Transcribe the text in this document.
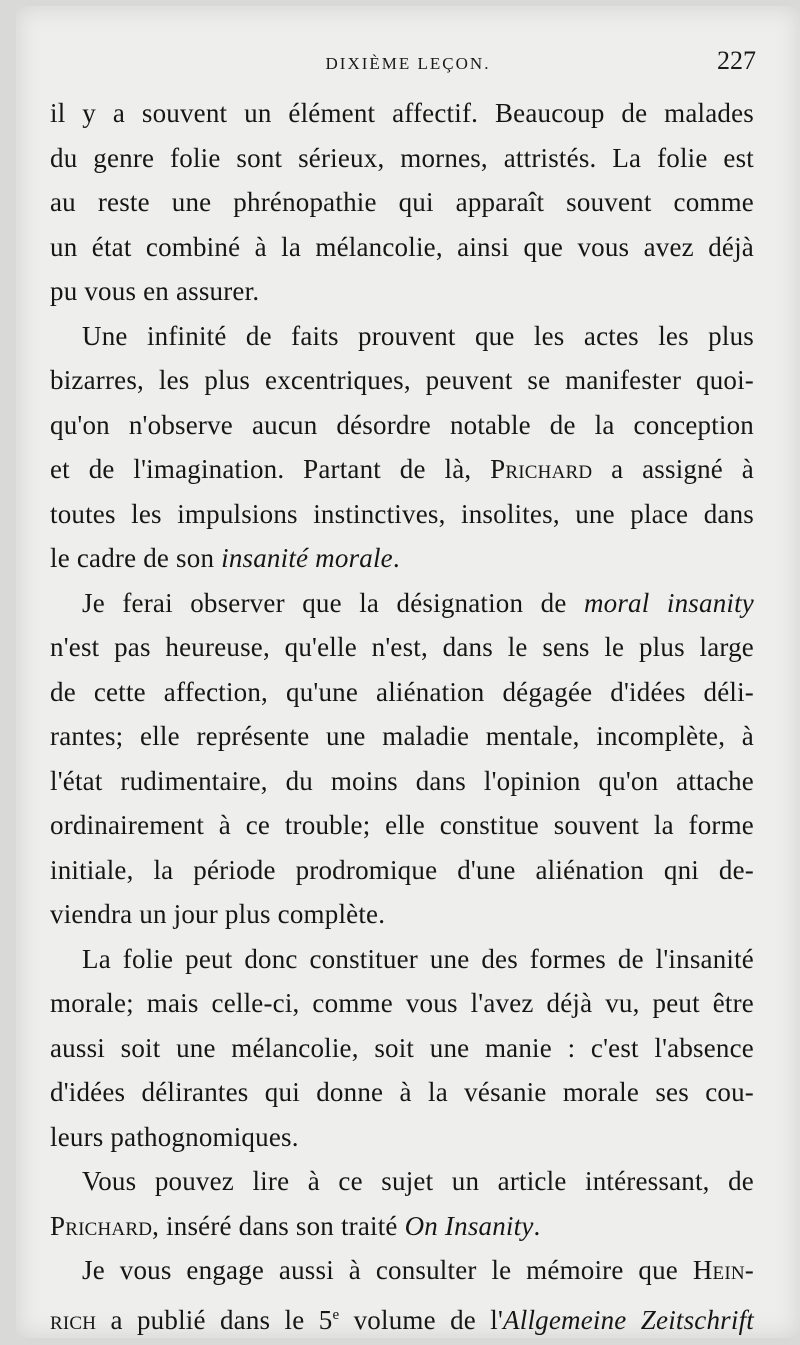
DIXIÈME LEÇON.	227
il y a souvent un élément affectif. Beaucoup de malades
du genre folie sont sérieux, mornes, attristés. La folie est
au reste une phrénopathie qui apparaît souvent comme
un état combiné à la mélancolie, ainsi que vous avez déjà
pu vous en assurer.
Une infinité de faits prouvent que les actes les plus
bizarres, les plus excentriques, peuvent se manifester quoi-
qu'on n'observe aucun désordre notable de la conception
et de l'imagination. Partant de là, Prichard a assigné à
toutes les impulsions instinctives, insolites, une place dans
le cadre de son insanité morale.
Je ferai observer que la désignation de moral insanity
n'est pas heureuse, qu'elle n'est, dans le sens le plus large
de cette affection, qu'une aliénation dégagée d'idées déli-
rantes; elle représente une maladie mentale, incomplète, à
l'état rudimentaire, du moins dans l'opinion qu'on attache
ordinairement à ce trouble; elle constitue souvent la forme
initiale, la période prodromique d'une aliénation qni de-
viendra un jour plus complète.
La folie peut donc constituer une des formes de l'insanité
morale; mais celle-ci, comme vous l'avez déjà vu, peut être
aussi soit une mélancolie, soit une manie : c'est l'absence
d'idées délirantes qui donne à la vésanie morale ses cou-
leurs pathognomiques.
Vous pouvez lire à ce sujet un article intéressant, de
Prichard, inséré dans son traité On Insanity.
Je vous engage aussi à consulter le mémoire que Hein-
rich a publié dans le 5e volume de l'Allgemeine Zeitschrift
